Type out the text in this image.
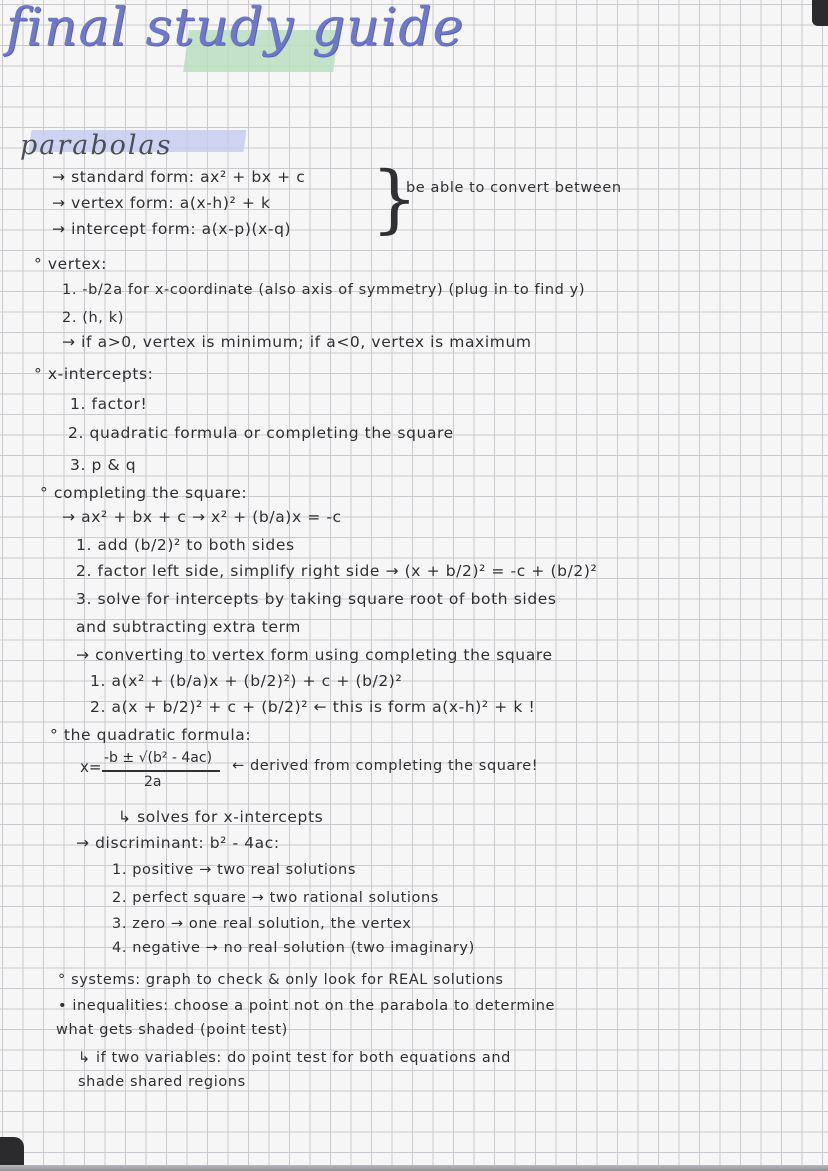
final study guide
parabolas
→ standard form: ax² + bx + c
→ vertex form: a(x-h)² + k
→ intercept form: a(x-p)(x-q) }
be able to convert between
° vertex:
1. -b/2a for x-coordinate (also axis of symmetry) (plug in to find y)
2. (h, k)
→ if a>0, vertex is minimum; if a<0, vertex is maximum
° x-intercepts:
1. factor!
2. quadratic formula or completing the square
3. p & q
° completing the square:
→ ax² + bx + c → x² + (b/a)x = -c
1. add (b/2)² to both sides
2. factor left side, simplify right side → (x + b/2)² = -c + (b/2)²
3. solve for intercepts by taking square root of both sides
and subtracting extra term
→ converting to vertex form using completing the square
1. a(x² + (b/a)x + (b/2)²) + c + (b/2)²
2. a(x + b/2)² + c + (b/2)² ← this is form a(x-h)² + k !
° the quadratic formula:
x= -b ± √(b² - 4ac)
2a
← derived from completing the square!
↳ solves for x-intercepts
→ discriminant: b² - 4ac:
1. positive → two real solutions
2. perfect square → two rational solutions
3. zero → one real solution, the vertex
4. negative → no real solution (two imaginary)
° systems: graph to check & only look for REAL solutions
• inequalities: choose a point not on the parabola to determine
what gets shaded (point test)
↳ if two variables: do point test for both equations and
shade shared regions
